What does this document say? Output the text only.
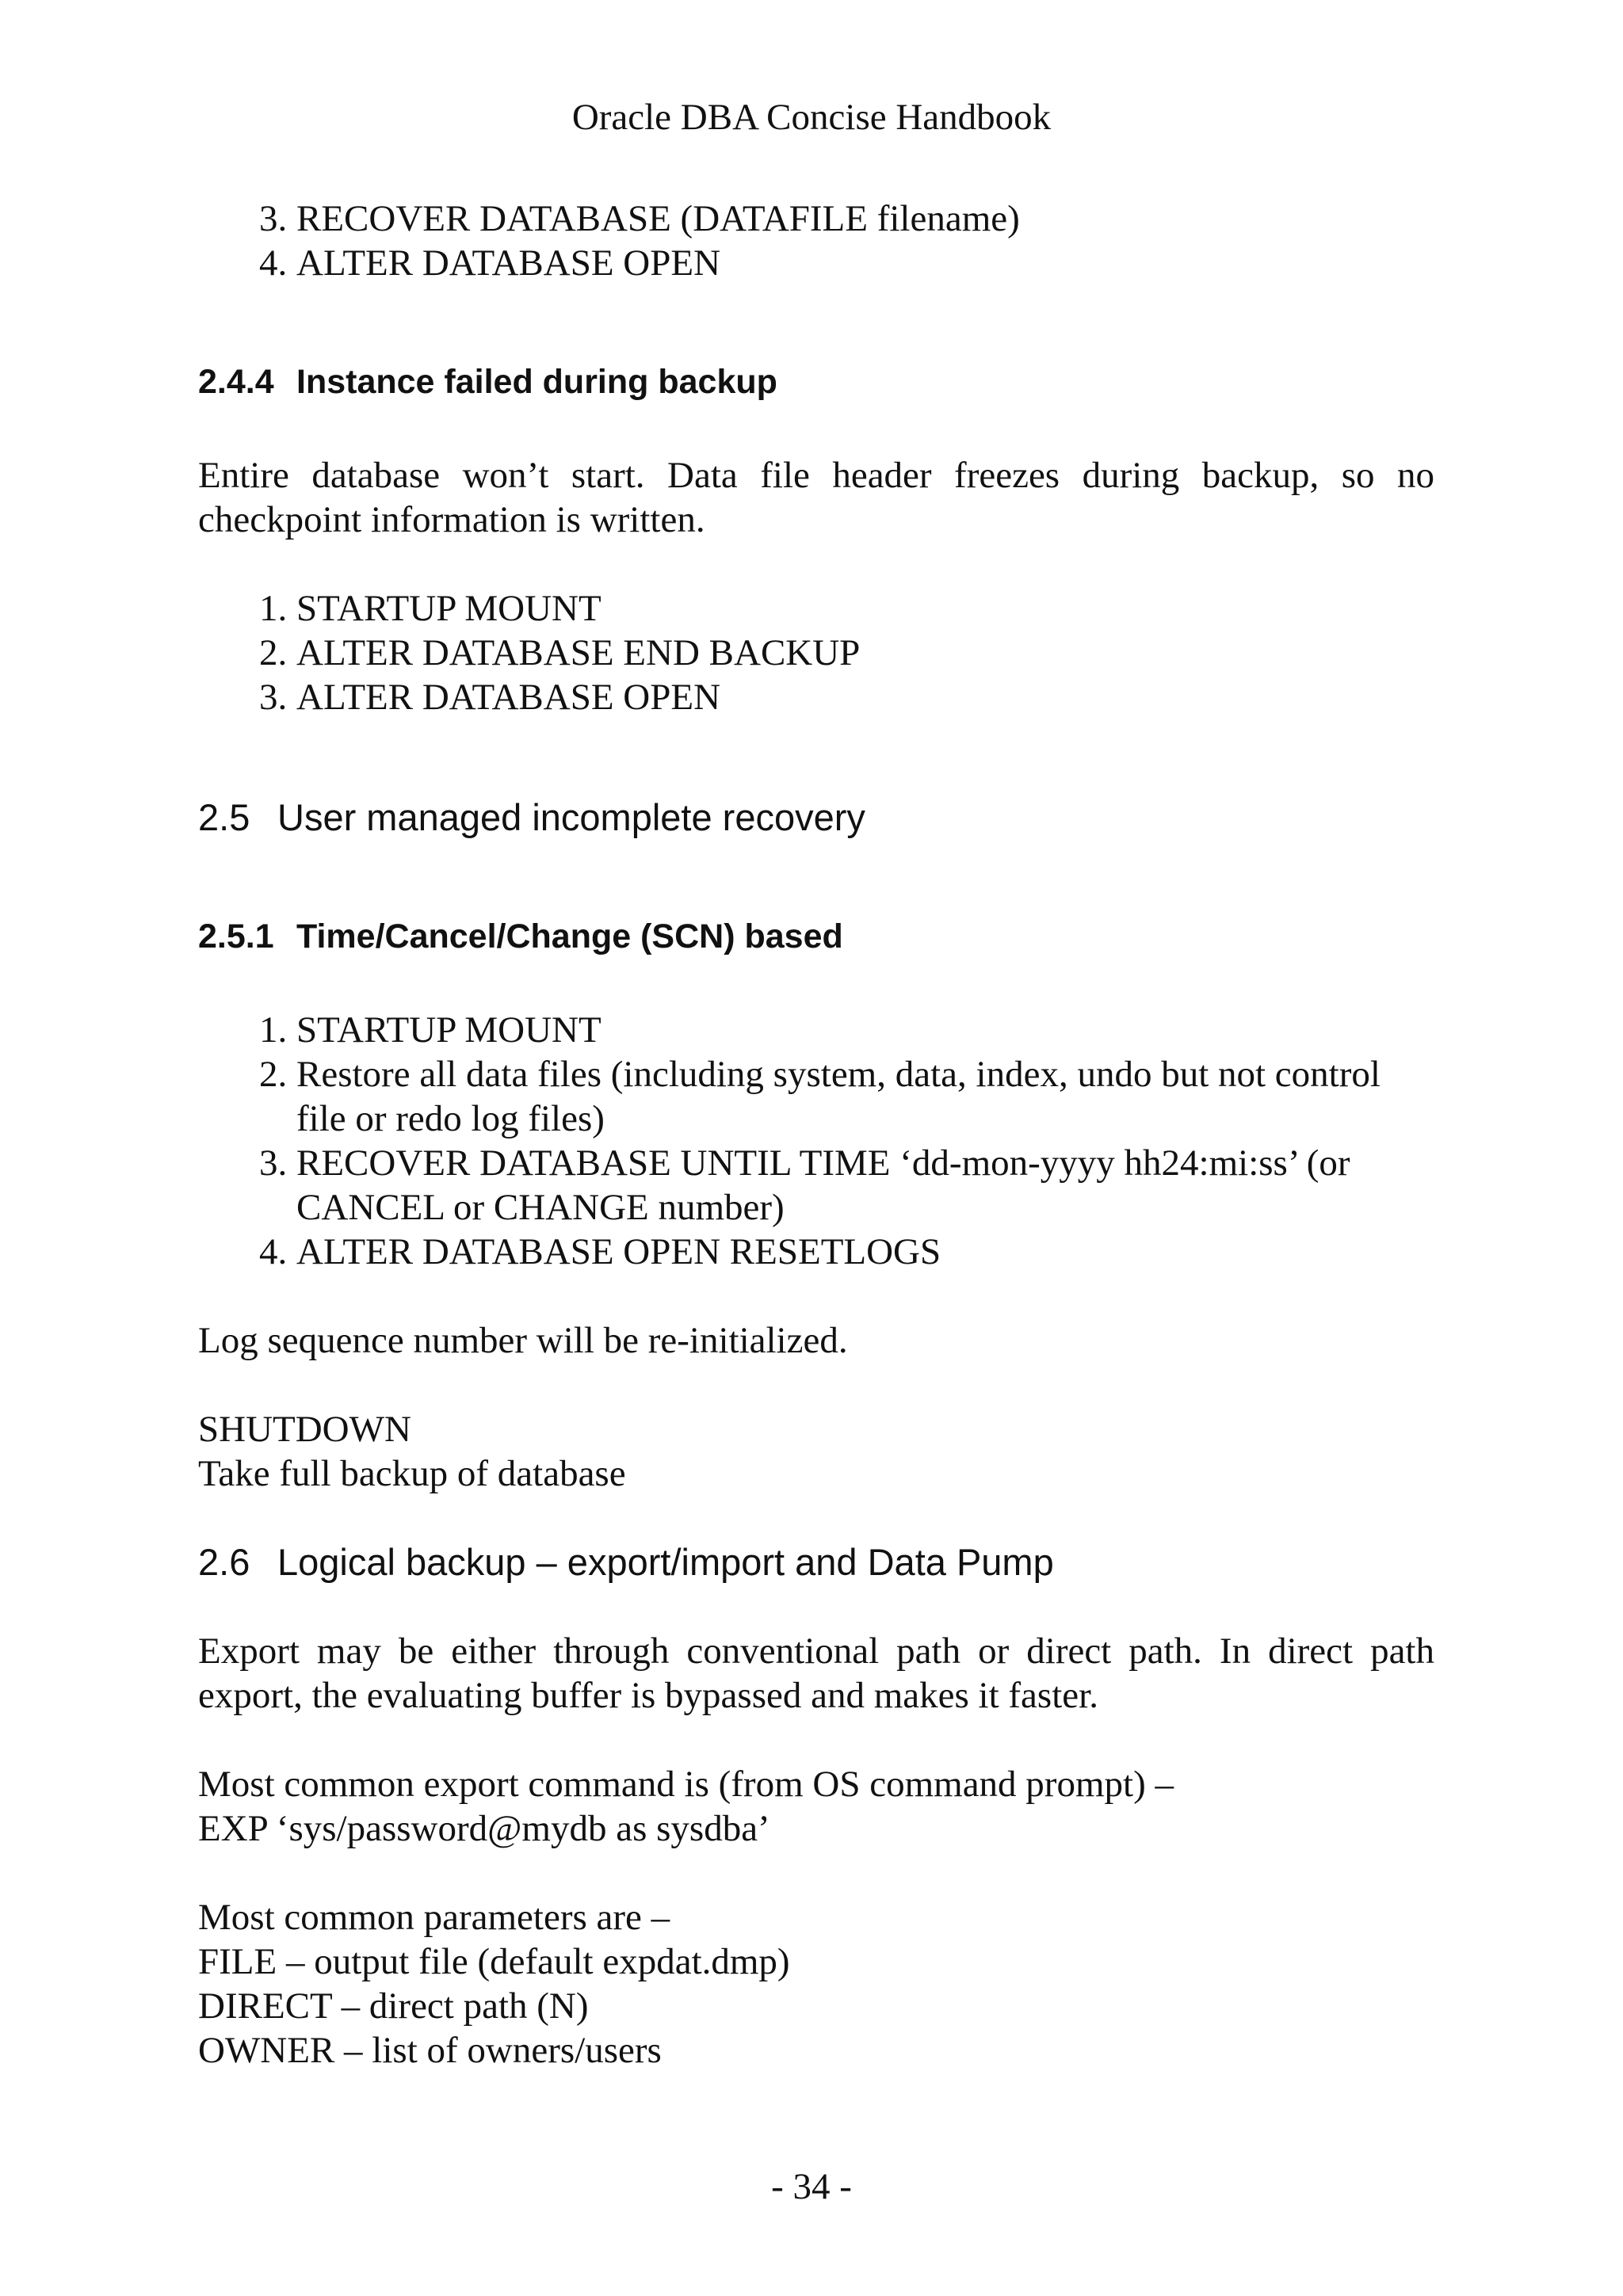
Oracle DBA Concise Handbook
3. RECOVER DATABASE (DATAFILE filename)
4. ALTER DATABASE OPEN
2.4.4 Instance failed during backup

Entire database won’t start. Data file header freezes during backup, so no checkpoint information is written.

1. STARTUP MOUNT
2. ALTER DATABASE END BACKUP
3. ALTER DATABASE OPEN
2.5 User managed incomplete recovery
2.5.1 Time/Cancel/Change (SCN) based
1. STARTUP MOUNT
2. Restore all data files (including system, data, index, undo but not control file or redo log files)
3. RECOVER DATABASE UNTIL TIME ‘dd-mon-yyyy hh24:mi:ss’ (or CANCEL or CHANGE number)
4. ALTER DATABASE OPEN RESETLOGS

Log sequence number will be re-initialized.

SHUTDOWN

Take full backup of database

2.6 Logical backup – export/import and Data Pump

Export may be either through conventional path or direct path. In direct path export, the evaluating buffer is bypassed and makes it faster.

Most common export command is (from OS command prompt) –

EXP ‘sys/password@mydb as sysdba’

Most common parameters are –

FILE – output file (default expdat.dmp)

DIRECT – direct path (N)

OWNER – list of owners/users

- 34 -
